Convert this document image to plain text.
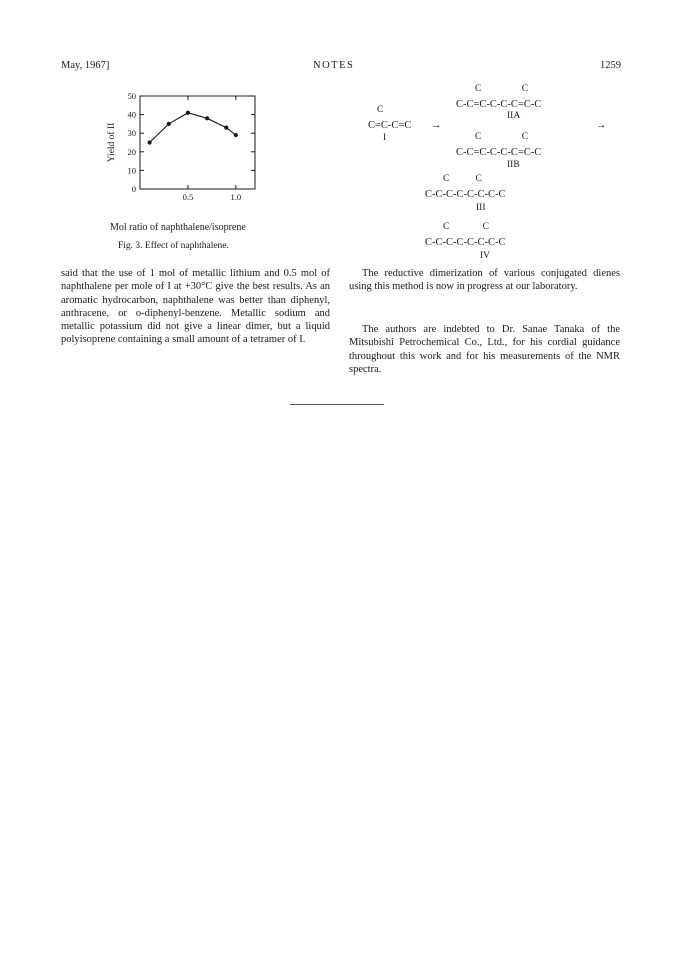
May, 1967]	NOTES	1259
0
10
20
30
40
50
0.5	1.0
Yield of II
Mol ratio of naphthalene/isoprene
Fig. 3. Effect of naphthalene.
C                 C
C-C=C-C-C-C=C-C
IIA
C
C=C-C=C
I
→	→
C                 C
C-C=C-C-C-C=C-C
IIB
C           C
C-C-C-C-C-C-C-C
III
C              C
C-C-C-C-C-C-C-C
IV
said that the use of 1 mol of metallic lithium and 0.5 mol of naphthalene per mole of I at +30°C give the best results. As an aromatic hydrocarbon, naphthalene was better than diphenyl, anthracene, or o-diphenyl-benzene. Metallic sodium and metallic potassium did not give a linear dimer, but a liquid polyisoprene containing a small amount of a tetramer of I.
The reductive dimerization of various conjugated dienes using this method is now in progress at our laboratory.
The authors are indebted to Dr. Sanae Tanaka of the Mitsubishi Petrochemical Co., Ltd., for his cordial guidance throughout this work and for his measurements of the NMR spectra.
